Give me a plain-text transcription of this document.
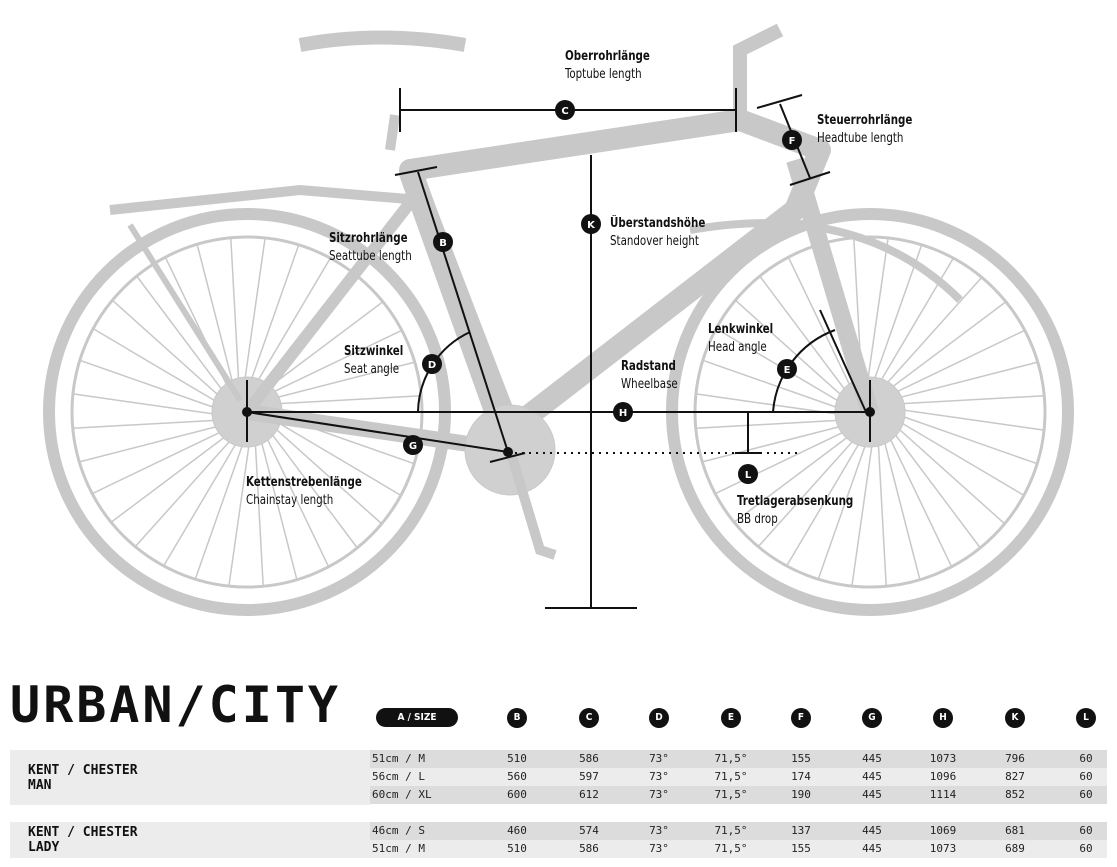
C
F
K
B
D	E
H
G
L
Oberrohrlänge
Toptube length
Steuerrohrlänge
Headtube length
Überstandshöhe
Standover height
Sitzrohrlänge
Seattube length
Sitzwinkel
Seat angle
Lenkwinkel
Head angle
Radstand
Wheelbase
Kettenstrebenlänge
Chainstay length	Tretlagerabsenkung
BB drop
URBAN/CITY	A / SIZE	B	C	D	E	F	G	H	K	L
KENT / CHESTER
MAN
KENT / CHESTER
LADY
51cm / M	510	586	73°	71,5°	155	445	1073	796	60
56cm / L	560	597	73°	71,5°	174	445	1096	827	60
60cm / XL	600	612	73°	71,5°	190	445	1114	852	60
46cm / S	460	574	73°	71,5°	137	445	1069	681	60
51cm / M	510	586	73°	71,5°	155	445	1073	689	60
